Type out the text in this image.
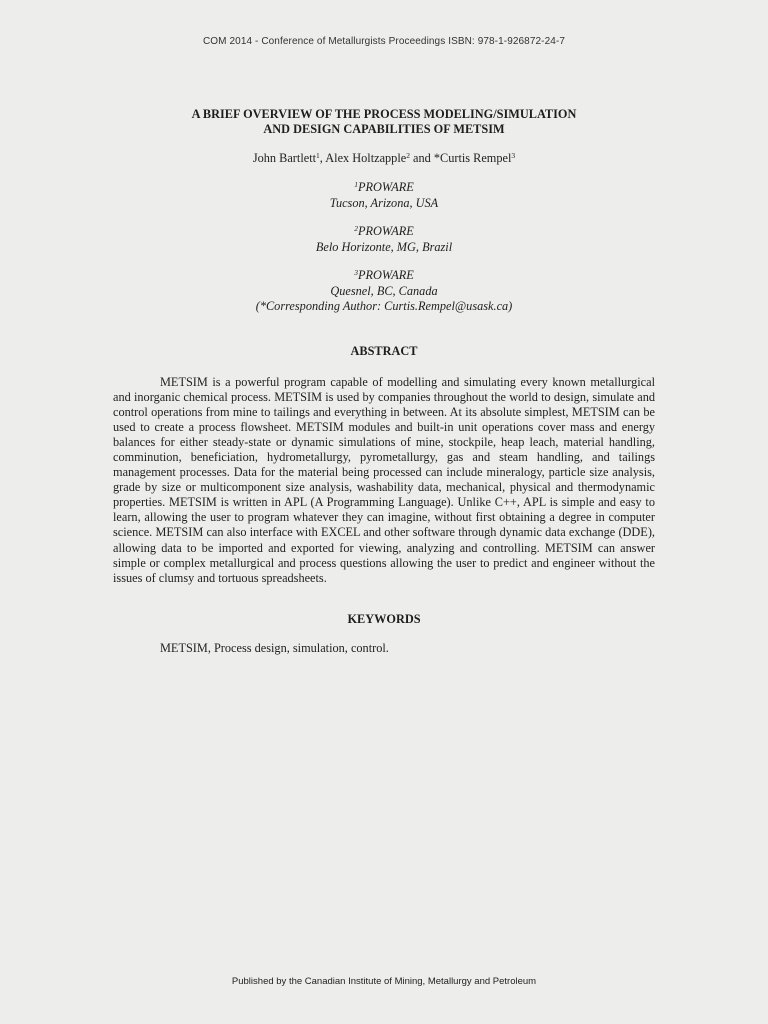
COM 2014 - Conference of Metallurgists Proceedings ISBN: 978-1-926872-24-7
A BRIEF OVERVIEW OF THE PROCESS MODELING/SIMULATION
AND DESIGN CAPABILITIES OF METSIM
John Bartlett$^1$, Alex Holtzapple$^2$ and *Curtis Rempel$^3$
$^1$PROWARE
Tucson, Arizona, USA
$^2$PROWARE
Belo Horizonte, MG, Brazil
$^3$PROWARE
Quesnel, BC, Canada
(*Corresponding Author: Curtis.Rempel@usask.ca)
ABSTRACT
METSIM is a powerful program capable of modelling and simulating every known metallurgical and inorganic chemical process. METSIM is used by companies throughout the world to design, simulate and control operations from mine to tailings and everything in between. At its absolute simplest, METSIM can be used to create a process flowsheet. METSIM modules and built-in unit operations cover mass and energy balances for either steady-state or dynamic simulations of mine, stockpile, heap leach, material handling, comminution, beneficiation, hydrometallurgy, pyrometallurgy, gas and steam handling, and tailings management processes. Data for the material being processed can include mineralogy, particle size analysis, grade by size or multicomponent size analysis, washability data, mechanical, physical and thermodynamic properties. METSIM is written in APL (A Programming Language). Unlike C++, APL is simple and easy to learn, allowing the user to program whatever they can imagine, without first obtaining a degree in computer science. METSIM can also interface with EXCEL and other software through dynamic data exchange (DDE), allowing data to be imported and exported for viewing, analyzing and controlling. METSIM can answer simple or complex metallurgical and process questions allowing the user to predict and engineer without the issues of clumsy and tortuous spreadsheets.
KEYWORDS
METSIM, Process design, simulation, control.
Published by the Canadian Institute of Mining, Metallurgy and Petroleum
